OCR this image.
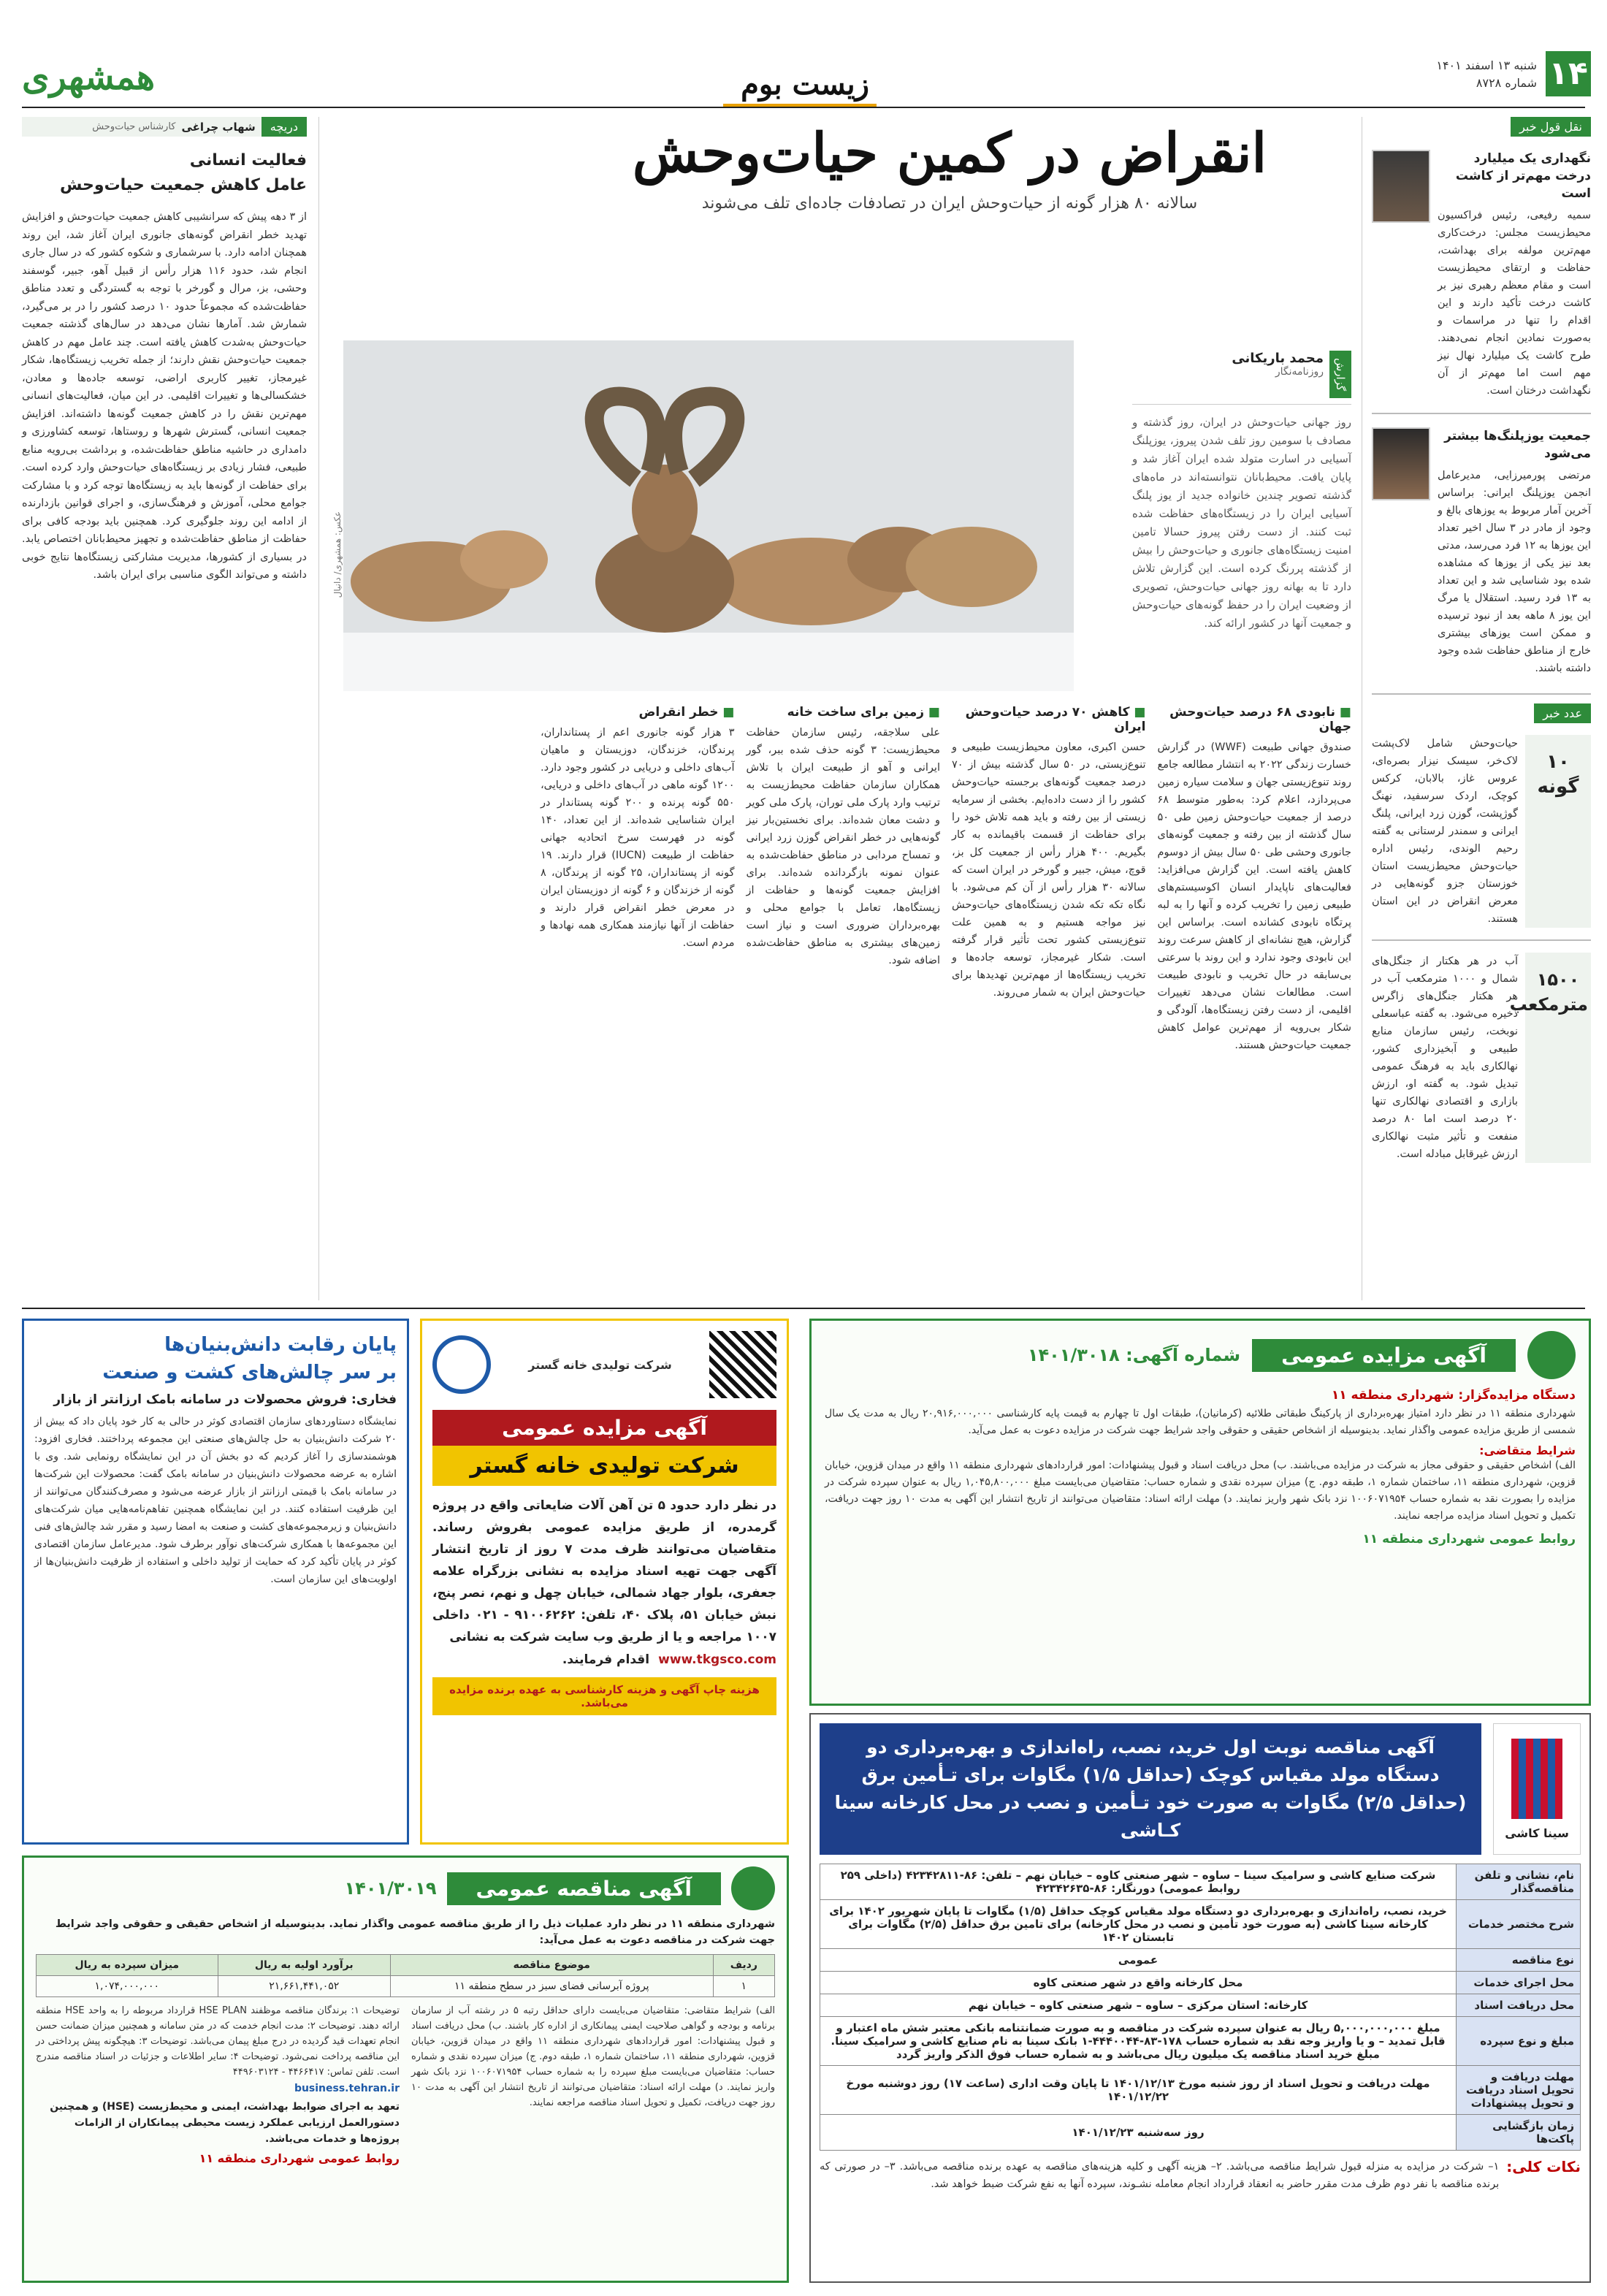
۱۴
شنبه ۱۳ اسفند ۱۴۰۱
شماره ۸۷۲۸
زیست بوم
همشهری
نقل قول خبر
نگهداری یک میلیارد درخت مهم‌تر از کاشت است
سمیه رفیعی، رئیس فراکسیون محیط‌زیست مجلس: درخت‌کاری مهم‌ترین مولفه برای بهداشت، حفاظت و ارتقای محیط‌زیست است و مقام معظم رهبری نیز بر کاشت درخت تأکید دارند و این اقدام را تنها در مراسمات و به‌صورت نمادین انجام نمی‌دهند. طرح کاشت یک میلیارد نهال نیز مهم است اما مهم‌تر از آن نگهداشت درختان است.
جمعیت یوزپلنگ‌ها بیشتر می‌شود
مرتضی پورمیرزایی، مدیرعامل انجمن یوزپلنگ ایرانی: براساس آخرین آمار مربوط به یوزهای بالغ و وجود از مادر در ۳ سال اخیر تعداد این یوزها به ۱۲ فرد می‌رسد، مدتی بعد نیز یکی از یوزها که مشاهده شده بود شناسایی شد و این تعداد به ۱۳ فرد رسید. استقلال یا مرگ این یوز ۸ ماهه بعد از نبود ترسیده و ممکن است یوزهای بیشتری خارج از مناطق حفاظت شده وجود داشته باشند.
عدد خبر
۱۰ گونه
حیات‌وحش شامل لاک‌پشت لاک‌خر، سیسک نیزار بصره‌ای، عروس غاز، بالابان، کرکس کوچک، اردک سرسفید، نهنگ گوژپشت، گوزن زرد ایرانی، پلنگ ایرانی و سمندر لرستانی به گفته رحیم الوندی، رئیس اداره حیات‌وحش محیط‌زیست استان خوزستان جزو گونه‌هایی در معرض انقراض در این استان هستند.
۱۵۰۰ مترمکعب
آب در هر هکتار از جنگل‌های شمال و ۱۰۰۰ مترمکعب آب در هر هکتار جنگل‌های زاگرس ذخیره می‌شود. به گفته عباسعلی نوبخت، رئیس سازمان منابع طبیعی و آبخیزداری کشور، نهالکاری باید به فرهنگ عمومی تبدیل شود. به گفته او، ارزش بازاری و اقتصادی نهالکاری تنها ۲۰ درصد است اما ۸۰ درصد منفعت و تأثیر مثبت نهالکاری ارزش غیرقابل مبادله است.
انقراض در کمین حیات‌وحش
سالانه ۸۰ هزار گونه از حیات‌وحش ایران در تصادفات جاده‌ای تلف می‌شوند
گزارش
محمد باریکانی
روزنامه‌نگار
روز جهانی حیات‌وحش در ایران، روز گذشته و مصادف با سومین روز تلف شدن پیروز، یوزپلنگ آسیایی در اسارت متولد شده ایران آغاز شد و پایان یافت. محیط‌بانان نتوانسته‌اند در ماه‌های گذشته تصویر چندین خانواده جدید از یوز پلنگ آسیایی ایران را در زیستگاه‌های حفاظت شده ثبت کنند. از دست رفتن پیروز حسالا تامین امنیت زیستگاه‌های جانوری و حیات‌وحش را بیش از گذشته پررنگ کرده است. این گزارش تلاش دارد تا به بهانه روز جهانی حیات‌وحش، تصویری از وضعیت ایران را در حفظ گونه‌های حیات‌وحش و جمعیت آنها در کشور ارائه کند.
عکس: همشهری/ دانیال
■ نابودی ۶۸ درصد حیات‌وحش جهان
صندوق جهانی طبیعت (WWF) در گزارش خسارت زندگی ۲۰۲۲ به انتشار مطالعه جامع روند تنوع‌زیستی جهان و سلامت سیاره زمین می‌پردازد، اعلام کرد: به‌طور متوسط ۶۸ درصد از جمعیت حیات‌وحش زمین طی ۵۰ سال گذشته از بین رفته و جمعیت گونه‌های جانوری وحشی طی ۵۰ سال بیش از دوسوم کاهش یافته است. این گزارش می‌افزاید: فعالیت‌های ناپایدار انسان اکوسیستم‌های طبیعی زمین را تخریب کرده و آنها را به لبه پرتگاه نابودی کشانده است. براساس این گزارش، هیچ نشانه‌ای از کاهش سرعت روند این نابودی وجود ندارد و این روند با سرعتی بی‌سابقه در حال تخریب و نابودی طبیعت است. مطالعات نشان می‌دهد تغییرات اقلیمی، از دست رفتن زیستگاه‌ها، آلودگی و شکار بی‌رویه از مهم‌ترین عوامل کاهش جمعیت حیات‌وحش هستند.
■ کاهش ۷۰ درصد حیات‌وحش ایران
حسن اکبری، معاون محیط‌زیست طبیعی و تنوع‌زیستی، در ۵۰ سال گذشته بیش از ۷۰ درصد جمعیت گونه‌های برجسته حیات‌وحش کشور را از دست داده‌ایم. بخشی از سرمایه زیستی از بین رفته و باید همه تلاش خود را برای حفاظت از قسمت باقیمانده به کار بگیریم. ۴۰۰ هزار رأس از جمعیت کل بز، قوچ، میش، جبیر و گورخر در ایران است که سالانه ۳۰ هزار رأس از آن کم می‌شود. با نگاه تکه تکه شدن زیستگاه‌های حیات‌وحش نیز مواجه هستیم و به همین علت تنوع‌زیستی کشور تحت تأثیر قرار گرفته است. شکار غیرمجاز، توسعه جاده‌ها و تخریب زیستگاه‌ها از مهم‌ترین تهدیدها برای حیات‌وحش ایران به شمار می‌روند.
■ زمین برای ساخت خانه
علی سلاجقه، رئیس سازمان حفاظت محیط‌زیست: ۳ گونه حذف شده ببر، گور ایرانی و آهو از طبیعت ایران با تلاش همکاران سازمان حفاظت محیط‌زیست به ترتیب وارد پارک ملی توران، پارک ملی کویر و دشت معان شده‌اند. برای نخستین‌بار نیز گونه‌هایی در خطر انقراض گوزن زرد ایرانی و تمساح مردابی در مناطق حفاظت‌شده به عنوان نمونه بازگردانده شده‌اند. برای افزایش جمعیت گونه‌ها و حفاظت از زیستگاه‌ها، تعامل با جوامع محلی و بهره‌برداران ضروری است و نیاز است زمین‌های بیشتری به مناطق حفاظت‌شده اضافه شود.
■ خطر انقراض
۳ هزار گونه جانوری اعم از پستانداران، پرندگان، خزندگان، دوزیستان و ماهیان آب‌های داخلی و دریایی در کشور وجود دارد. ۱۲۰۰ گونه ماهی در آب‌های داخلی و دریایی، ۵۵۰ گونه پرنده و ۲۰۰ گونه پستاندار در ایران شناسایی شده‌اند. از این تعداد، ۱۴۰ گونه در فهرست سرخ اتحادیه جهانی حفاظت از طبیعت (IUCN) قرار دارند. ۱۹ گونه از پستانداران، ۲۵ گونه از پرندگان، ۸ گونه از خزندگان و ۶ گونه از دوزیستان ایران در معرض خطر انقراض قرار دارند و حفاظت از آنها نیازمند همکاری همه نهادها و مردم است.
دریچه
شهاب چراغی
کارشناس حیات‌وحش
فعالیت انسانی
عامل کاهش جمعیت حیات‌وحش
از ۳ دهه پیش که سرانشیبی کاهش جمعیت حیات‌وحش و افزایش تهدید خطر انقراض گونه‌های جانوری ایران آغاز شد، این روند همچنان ادامه دارد. با سرشماری و شکوه کشور که در سال جاری انجام شد، حدود ۱۱۶ هزار رأس از قبیل آهو، جبیر، گوسفند وحشی، بز، مرال و گورخر با توجه به گستردگی و تعدد مناطق حفاظت‌شده که مجموعاً حدود ۱۰ درصد کشور را در بر می‌گیرد، شمارش شد. آمارها نشان می‌دهد در سال‌های گذشته جمعیت حیات‌وحش به‌شدت کاهش یافته است. چند عامل مهم در کاهش جمعیت حیات‌وحش نقش دارند؛ از جمله تخریب زیستگاه‌ها، شکار غیرمجاز، تغییر کاربری اراضی، توسعه جاده‌ها و معادن، خشکسالی‌ها و تغییرات اقلیمی. در این میان، فعالیت‌های انسانی مهم‌ترین نقش را در کاهش جمعیت گونه‌ها داشته‌اند. افزایش جمعیت انسانی، گسترش شهرها و روستاها، توسعه کشاورزی و دامداری در حاشیه مناطق حفاظت‌شده، و برداشت بی‌رویه منابع طبیعی، فشار زیادی بر زیستگاه‌های حیات‌وحش وارد کرده است. برای حفاظت از گونه‌ها باید به زیستگاه‌ها توجه کرد و با مشارکت جوامع محلی، آموزش و فرهنگ‌سازی، و اجرای قوانین بازدارنده از ادامه این روند جلوگیری کرد. همچنین باید بودجه کافی برای حفاظت از مناطق حفاظت‌شده و تجهیز محیط‌بانان اختصاص یابد. در بسیاری از کشورها، مدیریت مشارکتی زیستگاه‌ها نتایج خوبی داشته و می‌تواند الگوی مناسبی برای ایران باشد.
آگهی مزایده عمومی
شماره آگهی: ۱۴۰۱/۳۰۱۸
دستگاه مزایده‌گزار: شهرداری منطقه ۱۱
شهرداری منطقه ۱۱ در نظر دارد امتیاز بهره‌برداری از پارکینگ طبقاتی طلائیه (کرمانیان)، طبقات اول تا چهارم به قیمت پایه کارشناسی ۲۰,۹۱۶,۰۰۰,۰۰۰ ریال به مدت یک سال شمسی از طریق مزایده عمومی واگذار نماید. بدینوسیله از اشخاص حقیقی و حقوقی واجد شرایط جهت شرکت در مزایده دعوت به عمل می‌آید.
شرایط متقاضی:
الف) اشخاص حقیقی و حقوقی مجاز به شرکت در مزایده می‌باشند. ب) محل دریافت اسناد و قبول پیشنهادات: امور قراردادهای شهرداری منطقه ۱۱ واقع در میدان قزوین، خیابان قزوین، شهرداری منطقه ۱۱، ساختمان شماره ۱، طبقه دوم. ج) میزان سپرده نقدی و شماره حساب: متقاضیان می‌بایست مبلغ ۱,۰۴۵,۸۰۰,۰۰۰ ریال به عنوان سپرده شرکت در مزایده را بصورت نقد به شماره حساب ۱۰۰۶۰۷۱۹۵۴ نزد بانک شهر واریز نمایند. د) مهلت ارائه اسناد: متقاضیان می‌توانند از تاریخ انتشار این آگهی به مدت ۱۰ روز جهت دریافت، تکمیل و تحویل اسناد مزایده مراجعه نمایند.
روابط عمومی شهرداری منطقه ۱۱
شرکت تولیدی خانه گستر
آگهی مزایده عمومی
شرکت تولیدی خانه گستر
در نظر دارد حدود ۵ تن آهن آلات ضایعاتی واقع در پروژه گرمدره، از طریق مزایده عمومی بفروش رساند. متقاضیان می‌توانند ظرف مدت ۷ روز از تاریخ انتشار آگهی جهت تهیه اسناد مزایده به نشانی بزرگراه علامه جعفری، بلوار جهاد شمالی، خیابان چهل و نهم، نصر پنج، نبش خیابان ۵۱، پلاک ۴۰، تلفن: ۹۱۰۰۶۲۶۲ - ۰۲۱ داخلی ۱۰۰۷ مراجعه و یا از طریق وب سایت شرکت به نشانی
www.tkgsco.com
اقدام فرمایند.
هزینه چاپ آگهی و هزینه کارشناسی به عهده برنده مزایده می‌باشد.
پایان رقابت دانش‌بنیان‌ها
بر سر چالش‌های کشت و صنعت
فخاری: فروش محصولات در سامانه بامک ارزانتر از بازار
نمایشگاه دستاوردهای سازمان اقتصادی کوثر در حالی به کار خود پایان داد که بیش از ۲۰ شرکت دانش‌بنیان به حل چالش‌های صنعتی این مجموعه پرداختند. فخاری افزود: هوشمندسازی را آغاز کردیم که دو بخش آن در این نمایشگاه رونمایی شد. وی با اشاره به عرضه محصولات دانش‌بنیان در سامانه بامک گفت: محصولات این شرکت‌ها در سامانه بامک با قیمتی ارزانتر از بازار عرضه می‌شود و مصرف‌کنندگان می‌توانند از این ظرفیت استفاده کنند. در این نمایشگاه همچنین تفاهم‌نامه‌هایی میان شرکت‌های دانش‌بنیان و زیرمجموعه‌های کشت و صنعت به امضا رسید و مقرر شد چالش‌های فنی این مجموعه‌ها با همکاری شرکت‌های نوآور برطرف شود. مدیرعامل سازمان اقتصادی کوثر در پایان تأکید کرد که حمایت از تولید داخلی و استفاده از ظرفیت دانش‌بنیان‌ها از اولویت‌های این سازمان است.
سینا کاشی
آگهی مناقصه نوبت اول خرید، نصب، راه‌اندازی و بهره‌برداری دو دستگاه مولد مقیاس کوچک (حداقل ۱/۵) مگاوات برای تـأمین برق (حداقل ۲/۵) مگاوات به صورت خود تـأمین و نصب در محل کارخانه سینا کـاشی
نام، نشانی و تلفن مناقصه‌گذار	شرکت صنایع کاشی و سرامیک سینا – ساوه – شهر صنعتی کاوه – خیابان نهم – تلفن: ۸۶-۴۲۳۴۲۸۱۱ (داخلی ۲۵۹ روابط عمومی) دورنگار: ۸۶-۴۲۳۴۲۶۳۵
شرح مختصر خدمات	خرید، نصب، راه‌اندازی و بهره‌برداری دو دستگاه مولد مقیاس کوچک حداقل (۱/۵) مگاوات تا پایان شهریور ۱۴۰۲ برای کارخانه سینا کاشی (به صورت خود تأمین و نصب در محل کارخانه) برای تامین برق حداقل (۲/۵) مگاوات برای تابستان ۱۴۰۲
نوع مناقصه	عمومی
محل اجرای خدمات	محل کارخانه واقع در شهر صنعتی کاوه
محل دریافت اسناد	کارخانه: استان مرکزی – ساوه – شهر صنعتی کاوه – خیابان نهم
مبلغ و نوع سپرده	مبلغ ۵,۰۰۰,۰۰۰,۰۰۰ ریال به عنوان سپرده شرکت در مناقصه و به صورت ضمانتنامه بانکی معتبر شش ماه اعتبار و قابل تمدید – و یا واریز وجه نقد به شماره حساب ۱۷۸-۸۳-۴۴۴۰۰۴۴-۱ بانک سینا به نام صنایع کاشی و سرامیک سینا. مبلغ خرید اسناد مناقصه یک میلیون ریال می‌باشد و به شماره حساب فوق الذکر واریز گردد
مهلت دریافت و تحویل اسناد دریافت و تحویل پیشنهادات	مهلت دریافت و تحویل اسناد از روز شنبه مورخ ۱۴۰۱/۱۲/۱۳ تا پایان وقت اداری (ساعت ۱۷) روز دوشنبه مورخ ۱۴۰۱/۱۲/۲۲
زمان بازگشایی پاکت‌ها	روز سه‌شنبه ۱۴۰۱/۱۲/۲۳
نکات کلی:
۱– شرکت در مزایده به منزله قبول شرایط مناقصه می‌باشد. ۲– هزینه آگهی و کلیه هزینه‌های مناقصه به عهده برنده مناقصه می‌باشد. ۳– در صورتی که برنده مناقصه با نفر دوم ظرف مدت مقرر حاضر به انعقاد قرارداد انجام معامله نشـوند، سپرده آنها به نفع شرکت ضبط خواهد شد.
آگهی مناقصه عمومی
۱۴۰۱/۳۰۱۹
شهرداری منطقه ۱۱ در نظر دارد عملیات ذیل را از طریق مناقصه عمومی واگذار نماید. بدینوسیله از اشخاص حقیقی و حقوقی واجد شرایط جهت شرکت در مناقصه دعوت به عمل می‌آید:
ردیف	موضوع مناقصه	برآورد اولیه به ریال	میزان سپرده به ریال
۱	پروژه آبرسانی فضای سبز در سطح منطقه ۱۱	۲۱,۶۶۱,۴۴۱,۰۵۲	۱,۰۷۴,۰۰۰,۰۰۰
الف) شرایط متقاضی: متقاضیان می‌بایست دارای حداقل رتبه ۵ در رشته آب از سازمان برنامه و بودجه و گواهی صلاحیت ایمنی پیمانکاری از اداره کار باشند. ب) محل دریافت اسناد و قبول پیشنهادات: امور قراردادهای شهرداری منطقه ۱۱ واقع در میدان قزوین، خیابان قزوین، شهرداری منطقه ۱۱، ساختمان شماره ۱، طبقه دوم. ج) میزان سپرده نقدی و شماره حساب: متقاضیان می‌بایست مبلغ سپرده را به شماره حساب ۱۰۰۶۰۷۱۹۵۴ نزد بانک شهر واریز نمایند. د) مهلت ارائه اسناد: متقاضیان می‌توانند از تاریخ انتشار این آگهی به مدت ۱۰ روز جهت دریافت، تکمیل و تحویل اسناد مناقصه مراجعه نمایند.
توضیحات ۱: برندگان مناقصه موظفند HSE PLAN قرارداد مربوطه را به واحد HSE منطقه ارائه دهند. توضیحات ۲: مدت انجام خدمت که در متن سامانه و همچنین میزان ضمانت حسن انجام تعهدات قید گردیده در درج مبلغ پیمان می‌باشد. توضیحات ۳: هیچگونه پیش پرداختی در این مناقصه پرداخت نمی‌شود. توضیحات ۴: سایر اطلاعات و جزئیات در اسناد مناقصه مندرج است. تلفن تماس: ۴۴۶۶۴۱۷ - ۴۴۹۶۰۳۱۲۴
business.tehran.ir
تعهد به اجرای ضوابط بهداشت، ایمنی و محیط‌زیست (HSE) و همچنین دستورالعمل ارزیابی عملکرد زیست محیطی پیمانکاران از الزامات پروژه‌ها و خدمات می‌باشد.
روابط عمومی شهرداری منطقه ۱۱
